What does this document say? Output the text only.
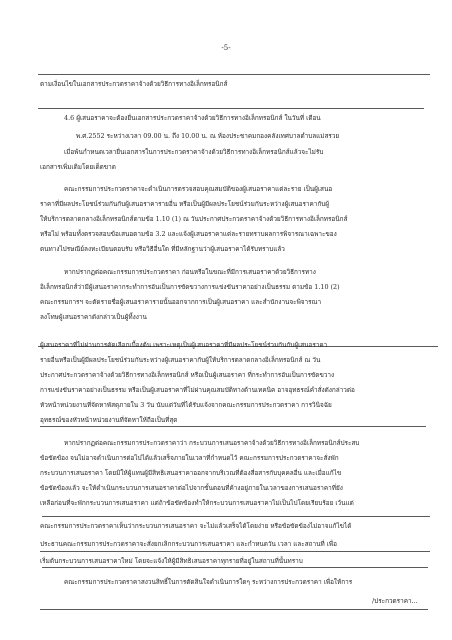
-5-
ตามเงื่อนไขในเอกสารประกวดราคาจ้างด้วยวิธีการทางอิเล็กทรอนิกส์
4.6 ผู้เสนอราคาจะต้องยื่นเอกสารประกวดราคาจ้างด้วยวิธีการทางอิเล็กทรอนิกส์ ในวันที่ เดือน
พ.ศ.2552 ระหว่างเวลา 09.00 น. ถึง 10.00 น. ณ ห้องประชาคมกองคลังเทศบาลตำบลแม่สรวย
เมื่อพ้นกำหนดเวลายื่นเอกสารในการประกวดราคาจ้างด้วยวิธีการทางอิเล็กทรอนิกส์แล้วจะไม่รับ
เอกสารเพิ่มเติมโดยเด็ดขาด
คณะกรรมการประกวดราคาจะดำเนินการตรวจสอบคุณสมบัติของผู้เสนอราคาแต่ละราย เป็นผู้เสนอ
ราคาที่มีผลประโยชน์ร่วมกันกับผู้เสนอราคารายอื่น หรือเป็นผู้มีผลประโยชน์ร่วมกันระหว่างผู้เสนอราคากับผู้
ให้บริการตลาดกลางอิเล็กทรอนิกส์ตามข้อ 1.10 (1) ณ วันประกาศประกวดราคาจ้างด้วยวิธีการทางอิเล็กทรอนิกส์
หรือไม่ พร้อมทั้งตรวจสอบข้อเสนอตามข้อ 3.2 และแจ้งผู้เสนอราคาแต่ละรายทราบผลการพิจารณาเฉพาะของ
ตนทางไปรษณีย์ลงทะเบียนตอบรับ หรือวิธีอื่นใด ที่มีหลักฐานว่าผู้เสนอราคาได้รับทราบแล้ว
หากปรากฏต่อคณะกรรมการประกวดราคา ก่อนหรือในขณะที่มีการเสนอราคาด้วยวิธีการทาง
อิเล็กทรอนิกส์ว่ามีผู้เสนอราคากระทำการอันเป็นการขัดขวางการแข่งขันราคาอย่างเป็นธรรม ตามข้อ 1.10 (2)
คณะกรรมการฯ จะตัดรายชื่อผู้เสนอราคารายนั้นออกจากการเป็นผู้เสนอราคา และสำนักงานจะพิจารณา
ลงโทษผู้เสนอราคาดังกล่าวเป็นผู้ทิ้งงาน
ผู้เสนอราคาที่ไม่ผ่านการคัดเลือกเบื้องต้น เพราะเหตุเป็นผู้เสนอราคาที่มีผลประโยชน์ร่วมกันกับผู้เสนอราคา
รายอื่นหรือเป็นผู้มีผลประโยชน์ร่วมกันระหว่างผู้เสนอราคากับผู้ให้บริการตลาดกลางอิเล็กทรอนิกส์ ณ วัน
ประกาศประกวดราคาจ้างด้วยวิธีการทางอิเล็กทรอนิกส์ หรือเป็นผู้เสนอราคา ที่กระทำการอันเป็นการขัดขวาง
การแข่งขันราคาอย่างเป็นธรรม หรือเป็นผู้เสนอราคาที่ไม่ผ่านคุณสมบัติทางด้านเทคนิค อาจอุทธรณ์คำสั่งดังกล่าวต่อ
หัวหน้าหน่วยงานที่จัดหาพัสดุภายใน 3 วัน นับแต่วันที่ได้รับแจ้งจากคณะกรรมการประกวดราคา การวินิจฉัย
อุทธรณ์ของหัวหน้าหน่วยงานที่จัดหาให้ถือเป็นที่สุด
หากปรากฏต่อคณะกรรมการประกวดราคาว่า กระบวนการเสนอราคาจ้างด้วยวิธีการทางอิเล็กทรอนิกส์ประสบ
ข้อขัดข้อง จนไม่อาจดำเนินการต่อไปได้แล้วเสร็จภายในเวลาที่กำหนดไว้ คณะกรรมการประกวดราคาจะสั่งพัก
กระบวนการเสนอราคา โดยมิให้ผู้แทนผู้มีสิทธิเสนอราคาออกจากบริเวณที่ต้องสื่อสารกับบุคคลอื่น และเมื่อแก้ไข
ข้อขัดข้องแล้ว จะให้ดำเนินกระบวนการเสนอราคาต่อไปจากขั้นตอนที่ค้างอยู่ภายในเวลาของการเสนอราคาที่ยัง
เหลือก่อนที่จะพักกระบวนการเสนอราคา แต่ถ้าข้อขัดข้องทำให้กระบวนการเสนอราคาไม่เป็นไปโดยเรียบร้อย เว้นแต่
คณะกรรมการประกวดราคาเห็นว่ากระบวนการเสนอราคา จะไม่แล้วเสร็จได้โดยง่าย หรือข้อขัดข้องไม่อาจแก้ไขได้
ประธานคณะกรรมการประกวดราคาจะสั่งยกเลิกกระบวนการเสนอราคา และกำหนดวัน เวลา และสถานที่ เพื่อ
เริ่มต้นกระบวนการเสนอราคาใหม่ โดยจะแจ้งให้ผู้มีสิทธิเสนอราคาทุกรายที่อยู่ในสถานที่นั้นทราบ
คณะกรรมการประกวดราคาสงวนสิทธิ์ในการตัดสินใจดำเนินการใดๆ ระหว่างการประกวดราคา เพื่อให้การ
/ประกวดราคา...
